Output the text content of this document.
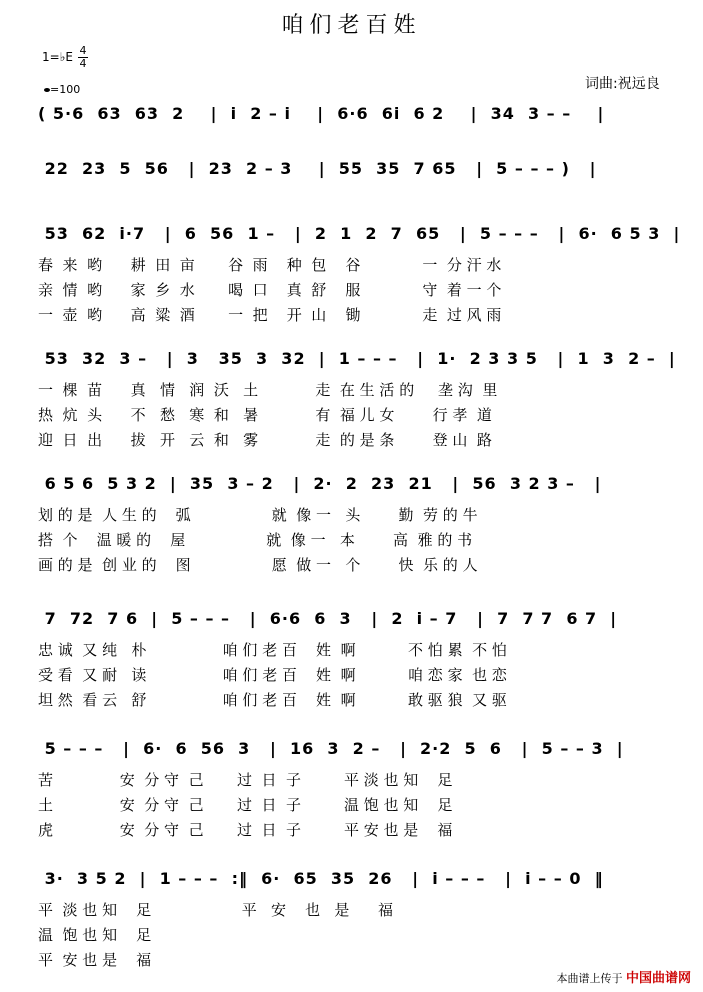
咱们老百姓
1=♭E 4
4
=100	词曲:祝远良
( 5·6  63  63  2    |  i  2 – i    |  6·6  6i  6 2    |  34  3 – –    |
22  23  5  56   |  23  2 – 3    |  55  35  7 65   |  5 – – – )   |
53  62  i·7   |  6  56  1 –   |  2  1  2  7  65   |  5 – – –   |  6·  6 5 3  |
春  来  哟      耕  田  亩       谷  雨    种  包    谷             一  分 汗 水
亲  情  哟      家  乡  水       喝  口    真  舒    服             守  着 一 个
一  壶  哟      高  粱  酒       一  把    开  山    锄             走  过 风 雨
53  32  3 –   |  3   35  3  32  |  1 – – –   |  1·  2 3 3 5   |  1  3  2 –  |
一  棵  苗      真   情   润  沃   土            走  在 生 活 的     垄 沟  里
热  炕  头      不   愁   寒  和   暑            有  福 儿 女        行 孝  道
迎  日  出      拔   开   云  和   雾            走  的 是 条        登 山  路
6 5 6  5 3 2  |  35  3 – 2   |  2·  2  23  21   |  56  3 2 3 –   |
划 的 是  人 生 的    弧                 就  像 一   头        勤  劳 的 牛
搭  个    温 暖 的    屋                 就  像 一   本        高  雅 的 书
画 的 是  创 业 的    图                 愿  做 一   个        快  乐 的 人
7  72  7 6  |  5 – – –   |  6·6  6  3   |  2  i – 7   |  7  7 7  6 7  |
忠 诚  又 纯   朴                咱 们 老 百    姓  啊           不 怕 累  不 怕
受 看  又 耐   读                咱 们 老 百    姓  啊           咱 恋 家  也 恋
坦 然  看 云   舒                咱 们 老 百    姓  啊           敢 驱 狼  又 驱
5 – – –   |  6·  6  56  3   |  16  3  2 –   |  2·2  5  6   |  5 – – 3  |
苦              安  分 守  己       过  日  子         平 淡 也 知    足
土              安  分 守  己       过  日  子         温 饱 也 知    足
虎              安  分 守  己       过  日  子         平 安 也 是    福
3·  3 5 2  |  1 – – –  :‖  6·  65  35  26   |  i – – –   |  i – – 0  ‖
平  淡 也 知    足                   平   安    也   是      福
温  饱 也 知    足
平  安 也 是    福
本曲谱上传于 中国曲谱网
